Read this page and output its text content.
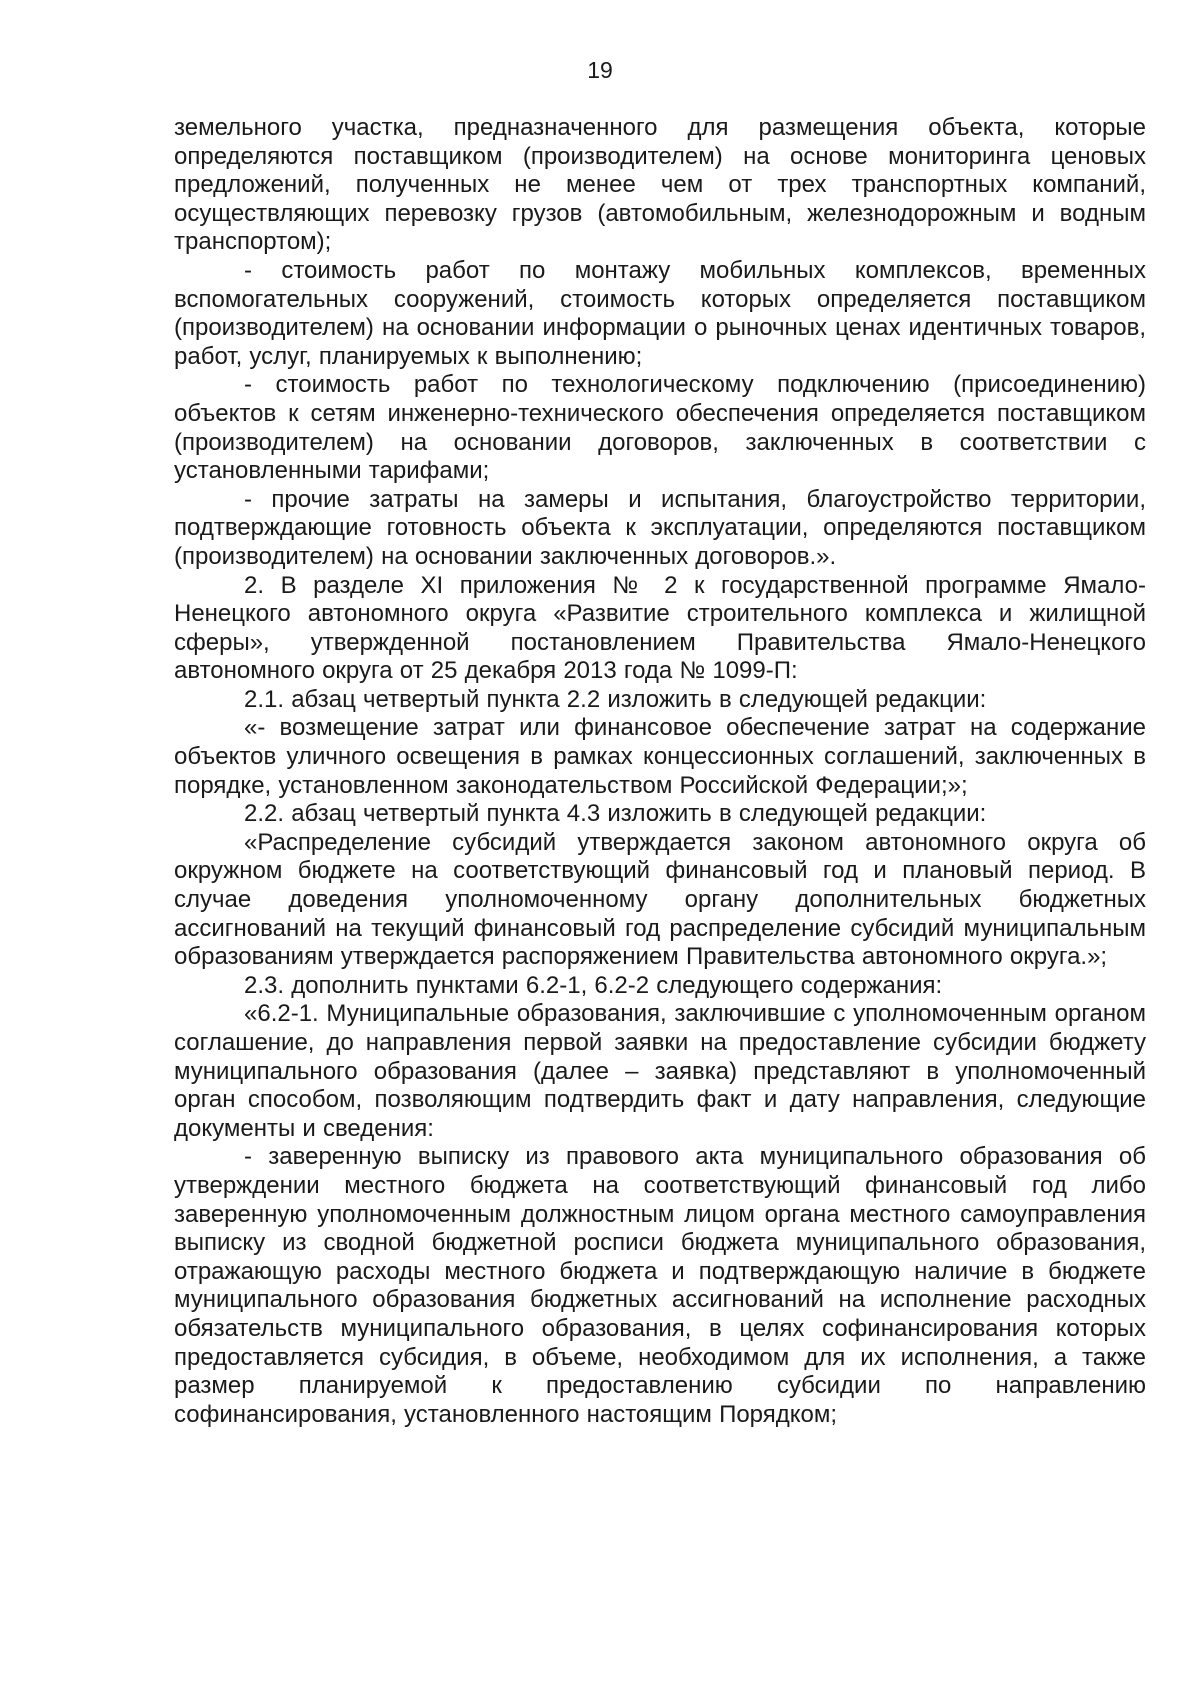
19

земельного участка, предназначенного для размещения объекта, которые определяются поставщиком (производителем) на основе мониторинга ценовых предложений, полученных не менее чем от трех транспортных компаний, осуществляющих перевозку грузов (автомобильным, железнодорожным и водным транспортом);

- стоимость работ по монтажу мобильных комплексов, временных вспомогательных сооружений, стоимость которых определяется поставщиком (производителем) на основании информации о рыночных ценах идентичных товаров, работ, услуг, планируемых к выполнению;

- стоимость работ по технологическому подключению (присоединению) объектов к сетям инженерно-технического обеспечения определяется поставщиком (производителем) на основании договоров, заключенных в соответствии с установленными тарифами;

- прочие затраты на замеры и испытания, благоустройство территории, подтверждающие готовность объекта к эксплуатации, определяются поставщиком (производителем) на основании заключенных договоров.».

2. В разделе XI приложения № 2 к государственной программе Ямало-Ненецкого автономного округа «Развитие строительного комплекса и жилищной сферы», утвержденной постановлением Правительства Ямало-Ненецкого автономного округа от 25 декабря 2013 года № 1099-П:

2.1. абзац четвертый пункта 2.2 изложить в следующей редакции:

«- возмещение затрат или финансовое обеспечение затрат на содержание объектов уличного освещения в рамках концессионных соглашений, заключенных в порядке, установленном законодательством Российской Федерации;»;

2.2. абзац четвертый пункта 4.3 изложить в следующей редакции:

«Распределение субсидий утверждается законом автономного округа об окружном бюджете на соответствующий финансовый год и плановый период. В случае доведения уполномоченному органу дополнительных бюджетных ассигнований на текущий финансовый год распределение субсидий муниципальным образованиям утверждается распоряжением Правительства автономного округа.»;

2.3. дополнить пунктами 6.2-1, 6.2-2 следующего содержания:

«6.2-1. Муниципальные образования, заключившие с уполномоченным органом соглашение, до направления первой заявки на предоставление субсидии бюджету муниципального образования (далее – заявка) представляют в уполномоченный орган способом, позволяющим подтвердить факт и дату направления, следующие документы и сведения:

- заверенную выписку из правового акта муниципального образования об утверждении местного бюджета на соответствующий финансовый год либо заверенную уполномоченным должностным лицом органа местного самоуправления выписку из сводной бюджетной росписи бюджета муниципального образования, отражающую расходы местного бюджета и подтверждающую наличие в бюджете муниципального образования бюджетных ассигнований на исполнение расходных обязательств муниципального образования, в целях софинансирования которых предоставляется субсидия, в объеме, необходимом для их исполнения, а также размер планируемой к предоставлению субсидии по направлению софинансирования, установленного настоящим Порядком;
